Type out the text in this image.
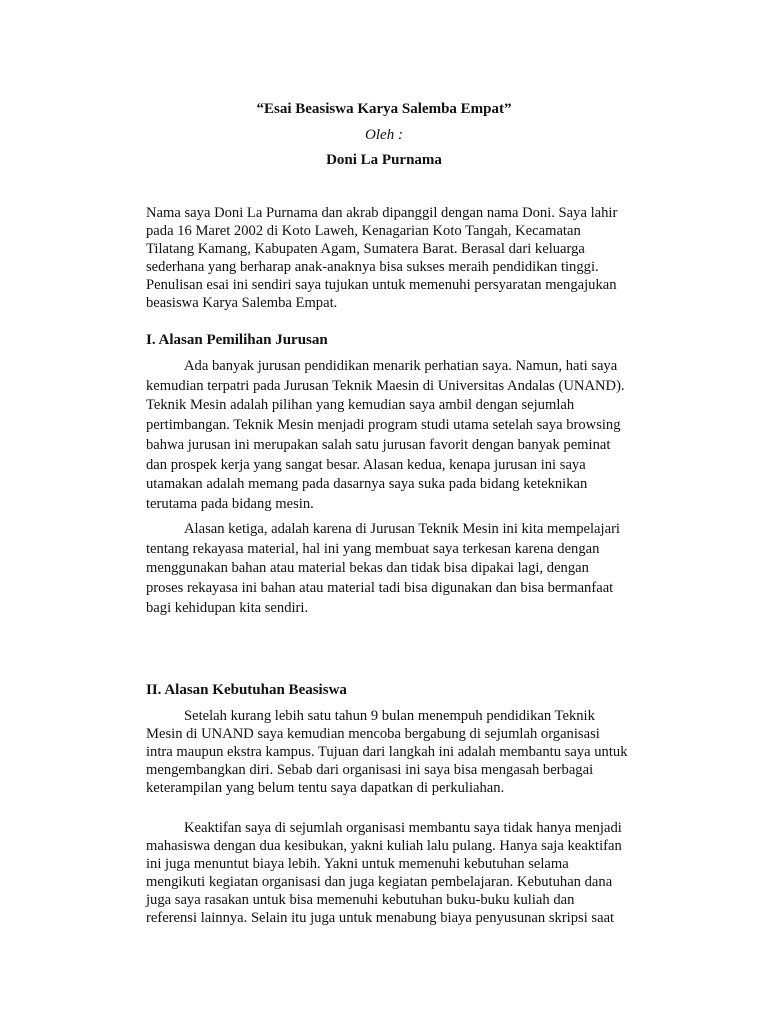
“Esai Beasiswa Karya Salemba Empat”
Oleh :
Doni La Purnama

Nama saya Doni La Purnama dan akrab dipanggil dengan nama Doni. Saya lahir
pada 16 Maret 2002 di Koto Laweh, Kenagarian Koto Tangah, Kecamatan
Tilatang Kamang, Kabupaten Agam, Sumatera Barat. Berasal dari keluarga
sederhana yang berharap anak-anaknya bisa sukses meraih pendidikan tinggi.
Penulisan esai ini sendiri saya tujukan untuk memenuhi persyaratan mengajukan
beasiswa Karya Salemba Empat.

I. Alasan Pemilihan Jurusan

Ada banyak jurusan pendidikan menarik perhatian saya. Namun, hati saya
kemudian terpatri pada Jurusan Teknik Maesin di Universitas Andalas (UNAND).
Teknik Mesin adalah pilihan yang kemudian saya ambil dengan sejumlah
pertimbangan. Teknik Mesin menjadi program studi utama setelah saya browsing
bahwa jurusan ini merupakan salah satu jurusan favorit dengan banyak peminat
dan prospek kerja yang sangat besar. Alasan kedua, kenapa jurusan ini saya
utamakan adalah memang pada dasarnya saya suka pada bidang keteknikan
terutama pada bidang mesin.

Alasan ketiga, adalah karena di Jurusan Teknik Mesin ini kita mempelajari
tentang rekayasa material, hal ini yang membuat saya terkesan karena dengan
menggunakan bahan atau material bekas dan tidak bisa dipakai lagi, dengan
proses rekayasa ini bahan atau material tadi bisa digunakan dan bisa bermanfaat
bagi kehidupan kita sendiri.

II. Alasan Kebutuhan Beasiswa

Setelah kurang lebih satu tahun 9 bulan menempuh pendidikan Teknik
Mesin di UNAND saya kemudian mencoba bergabung di sejumlah organisasi
intra maupun ekstra kampus. Tujuan dari langkah ini adalah membantu saya untuk
mengembangkan diri. Sebab dari organisasi ini saya bisa mengasah berbagai
keterampilan yang belum tentu saya dapatkan di perkuliahan.

Keaktifan saya di sejumlah organisasi membantu saya tidak hanya menjadi
mahasiswa dengan dua kesibukan, yakni kuliah lalu pulang. Hanya saja keaktifan
ini juga menuntut biaya lebih. Yakni untuk memenuhi kebutuhan selama
mengikuti kegiatan organisasi dan juga kegiatan pembelajaran. Kebutuhan dana
juga saya rasakan untuk bisa memenuhi kebutuhan buku-buku kuliah dan
referensi lainnya. Selain itu juga untuk menabung biaya penyusunan skripsi saat
